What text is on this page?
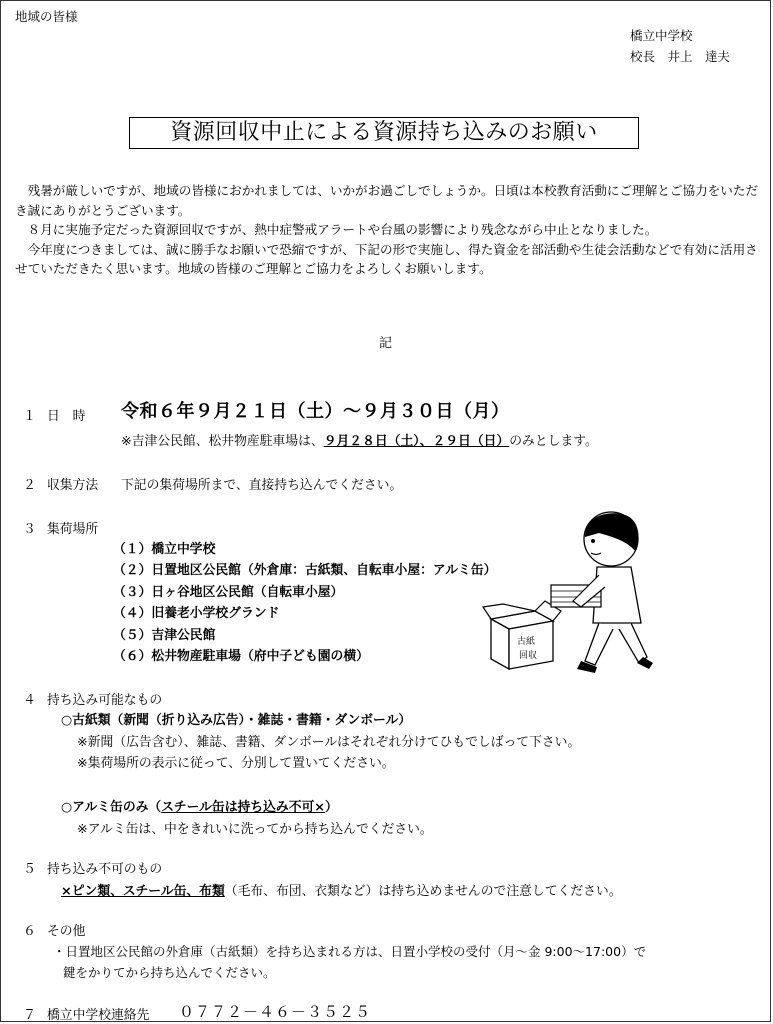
地域の皆様
橋立中学校
校長　井上　達夫
資源回収中止による資源持ち込みのお願い

　残暑が厳しいですが、地域の皆様におかれましては、いかがお過ごしでしょうか。日頃は本校教育活動にご理解とご協力をいただき誠にありがとうございます。

　８月に実施予定だった資源回収ですが、熱中症警戒アラートや台風の影響により残念ながら中止となりました。

　今年度につきましては、誠に勝手なお願いで恐縮ですが、下記の形で実施し、得た資金を部活動や生徒会活動などで有効に活用させていただきたく思います。地域の皆様のご理解とご協力をよろしくお願いします。

記
１ 日　時 令和６年９月２１日（土）～９月３０日（月）
※吉津公民館、松井物産駐車場は、９月２８日（土）、２９日（日）のみとします。
２ 収集方法 下記の集荷場所まで、直接持ち込んでください。
３ 集荷場所
（１）橋立中学校
（２）日置地区公民館（外倉庫：古紙類、自転車小屋：アルミ缶）
（３）日ヶ谷地区公民館（自転車小屋）
（４）旧養老小学校グランド
（５）吉津公民館
（６）松井物産駐車場（府中子ども園の横）
古紙
回収
４ 持ち込み可能なもの
○古紙類（新聞（折り込み広告）・雑誌・書籍・ダンボール）
※新聞（広告含む）、雑誌、書籍、ダンボールはそれぞれ分けてひもでしばって下さい。
※集荷場所の表示に従って、分別して置いてください。
○アルミ缶のみ（スチール缶は持ち込み不可×）
※アルミ缶は、中をきれいに洗ってから持ち込んでください。
５ 持ち込み不可のもの
×ピン類、スチール缶、布類（毛布、布団、衣類など）は持ち込めませんので注意してください。
６ その他
・日置地区公民館の外倉庫（古紙類）を持ち込まれる方は、日置小学校の受付（月～金 9:00～17:00）で
鍵をかりてから持ち込んでください。
７ 橋立中学校連絡先 ０７７２－４６－３５２５
